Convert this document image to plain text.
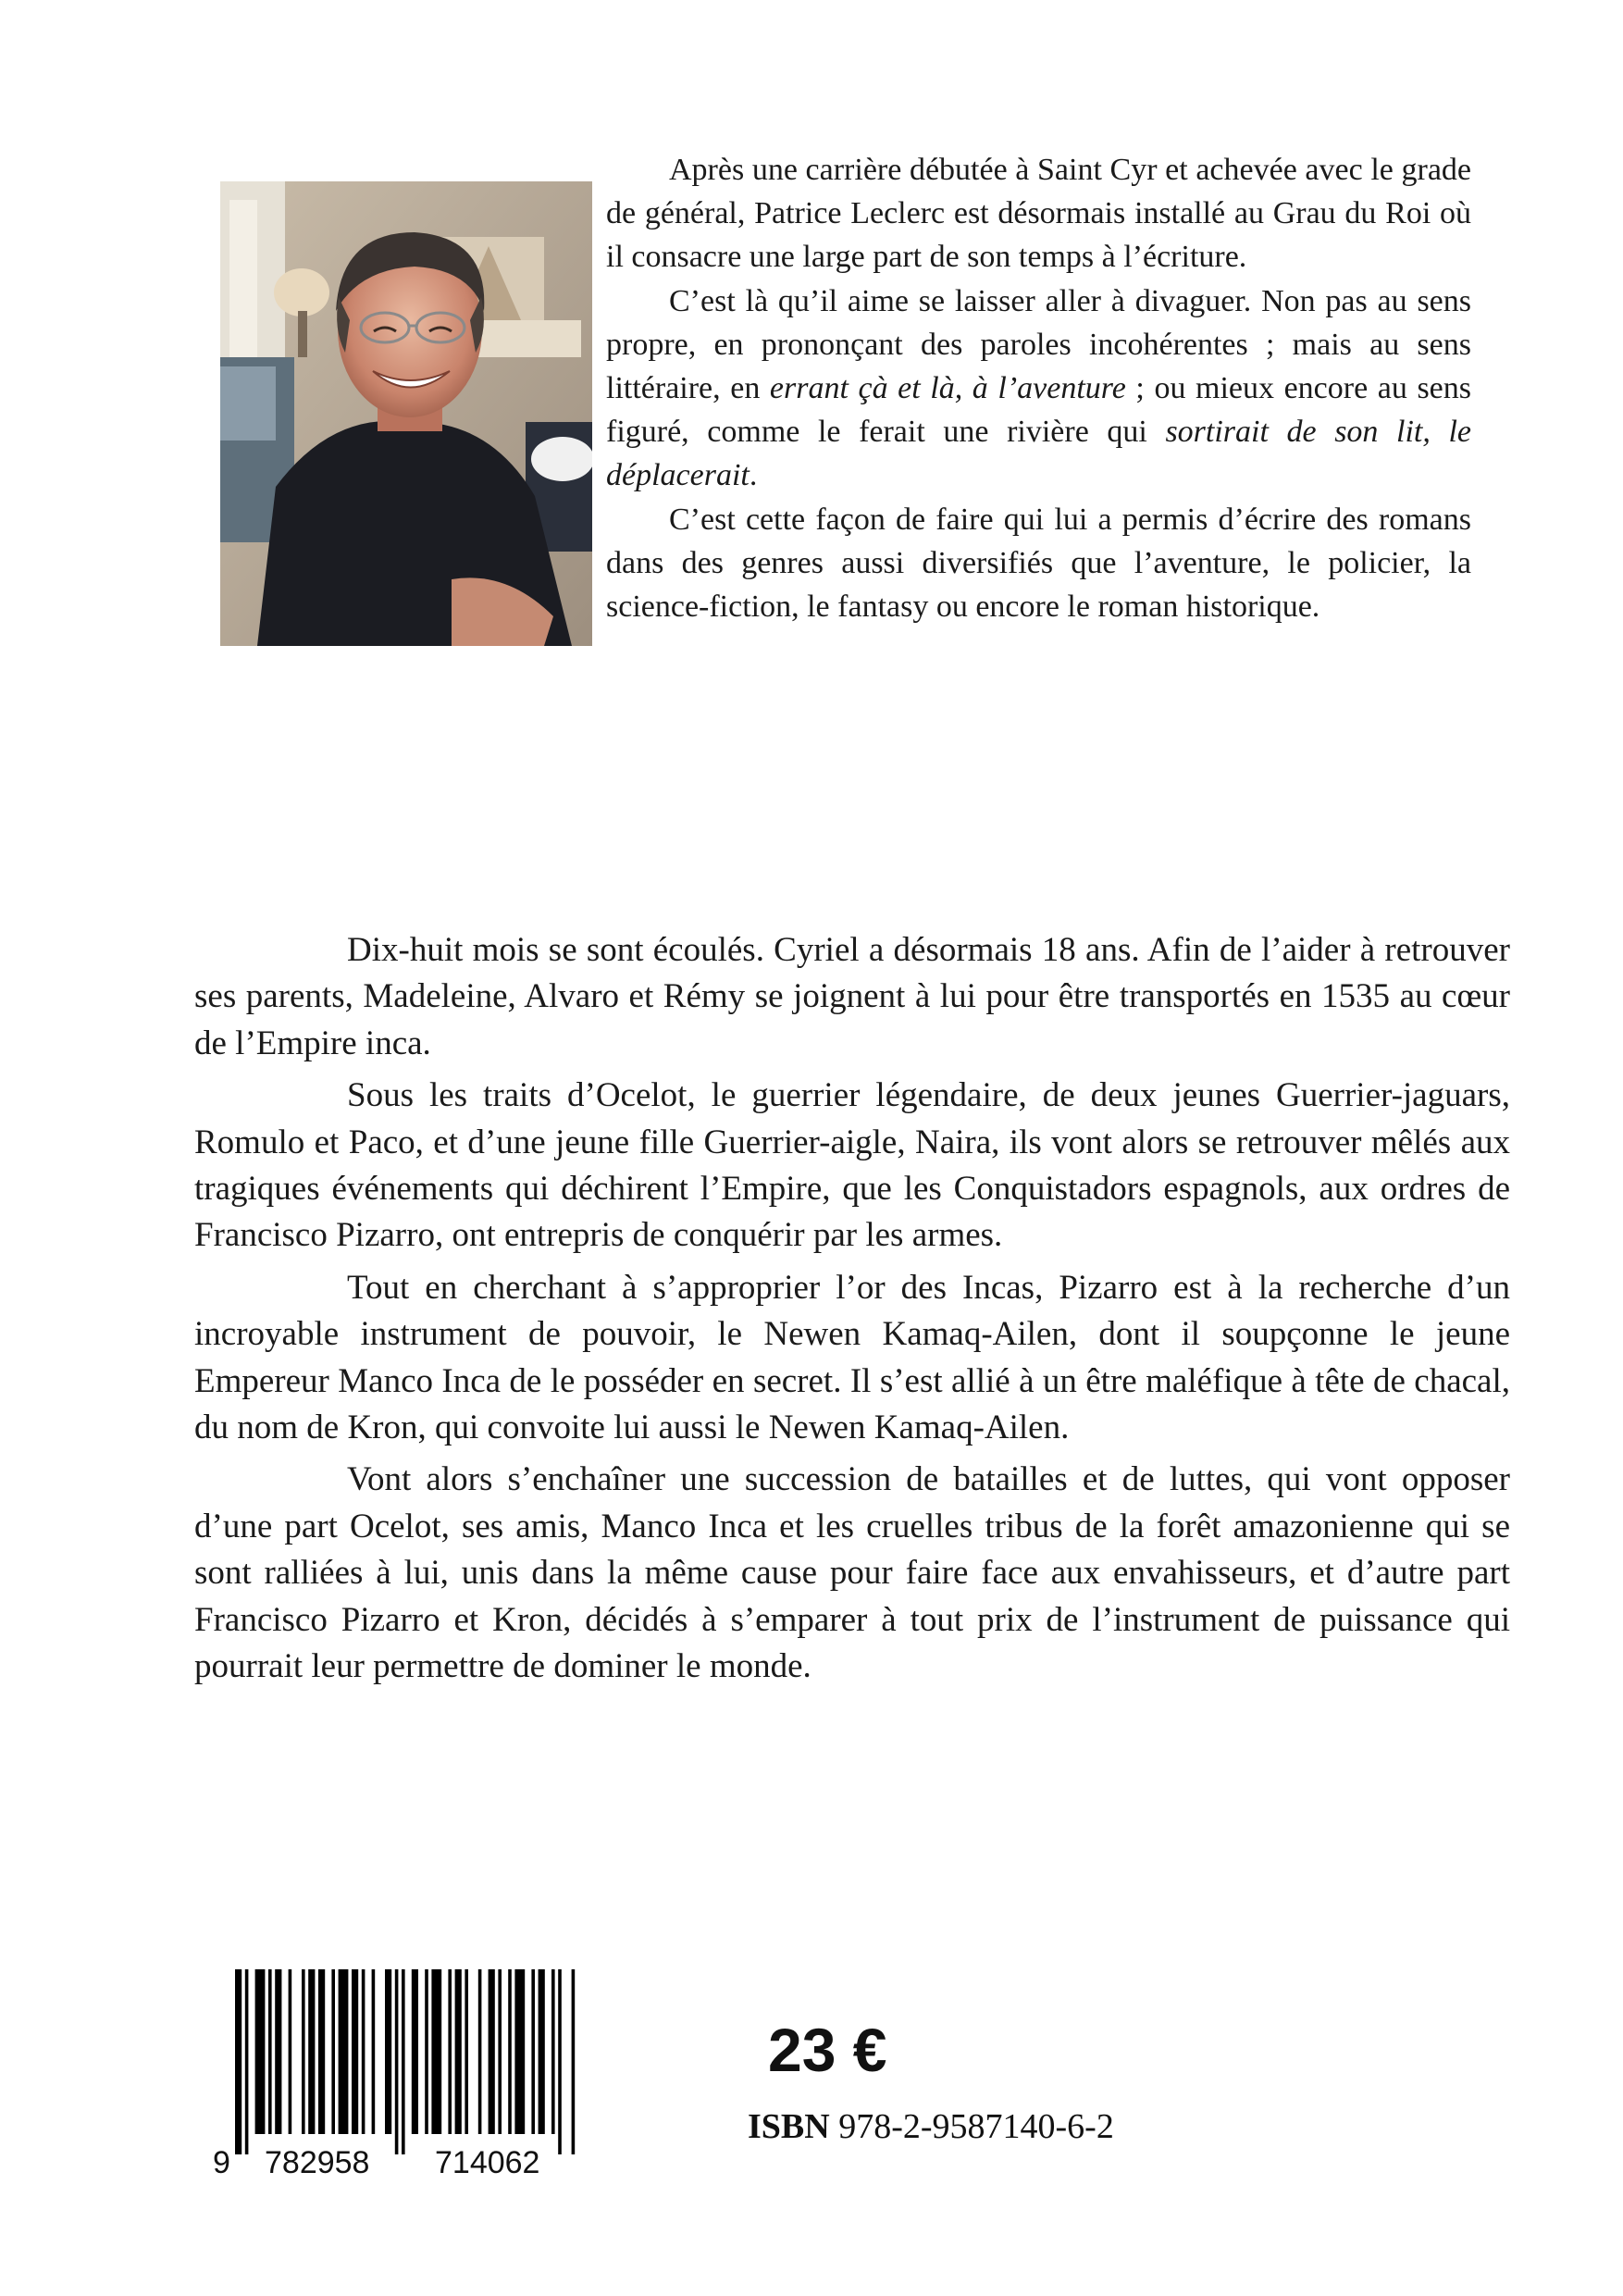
Après une carrière débutée à Saint Cyr et achevée avec le grade de général, Patrice Leclerc est désormais installé au Grau du Roi où il consacre une large part de son temps à l’écriture.

C’est là qu’il aime se laisser aller à divaguer. Non pas au sens propre, en prononçant des paroles incohérentes ; mais au sens littéraire, en errant çà et là, à l’aventure ; ou mieux encore au sens figuré, comme le ferait une rivière qui sortirait de son lit, le déplacerait.

C’est cette façon de faire qui lui a permis d’écrire des romans dans des genres aussi diversifiés que l’aventure, le policier, la science-fiction, le fantasy ou encore le roman historique.

Dix-huit mois se sont écoulés. Cyriel a désormais 18 ans. Afin de l’aider à retrouver ses parents, Madeleine, Alvaro et Rémy se joignent à lui pour être transportés en 1535 au cœur de l’Empire inca.

Sous les traits d’Ocelot, le guerrier légendaire, de deux jeunes Guerrier-jaguars, Romulo et Paco, et d’une jeune fille Guerrier-aigle, Naira, ils vont alors se retrouver mêlés aux tragiques événements qui déchirent l’Empire, que les Conquistadors espagnols, aux ordres de Francisco Pizarro, ont entrepris de conquérir par les armes.

Tout en cherchant à s’approprier l’or des Incas, Pizarro est à la recherche d’un incroyable instrument de pouvoir, le Newen Kamaq-Ailen, dont il soupçonne le jeune Empereur Manco Inca de le posséder en secret. Il s’est allié à un être maléfique à tête de chacal, du nom de Kron, qui convoite lui aussi le Newen Kamaq-Ailen.

Vont alors s’enchaîner une succession de batailles et de luttes, qui vont opposer d’une part Ocelot, ses amis, Manco Inca et les cruelles tribus de la forêt amazonienne qui se sont ralliées à lui, unis dans la même cause pour faire face aux envahisseurs, et d’autre part Francisco Pizarro et Kron, décidés à s’emparer à tout prix de l’instrument de puissance qui pourrait leur permettre de dominer le monde.

9 782958 714062
23 €
ISBN 978-2-9587140-6-2
